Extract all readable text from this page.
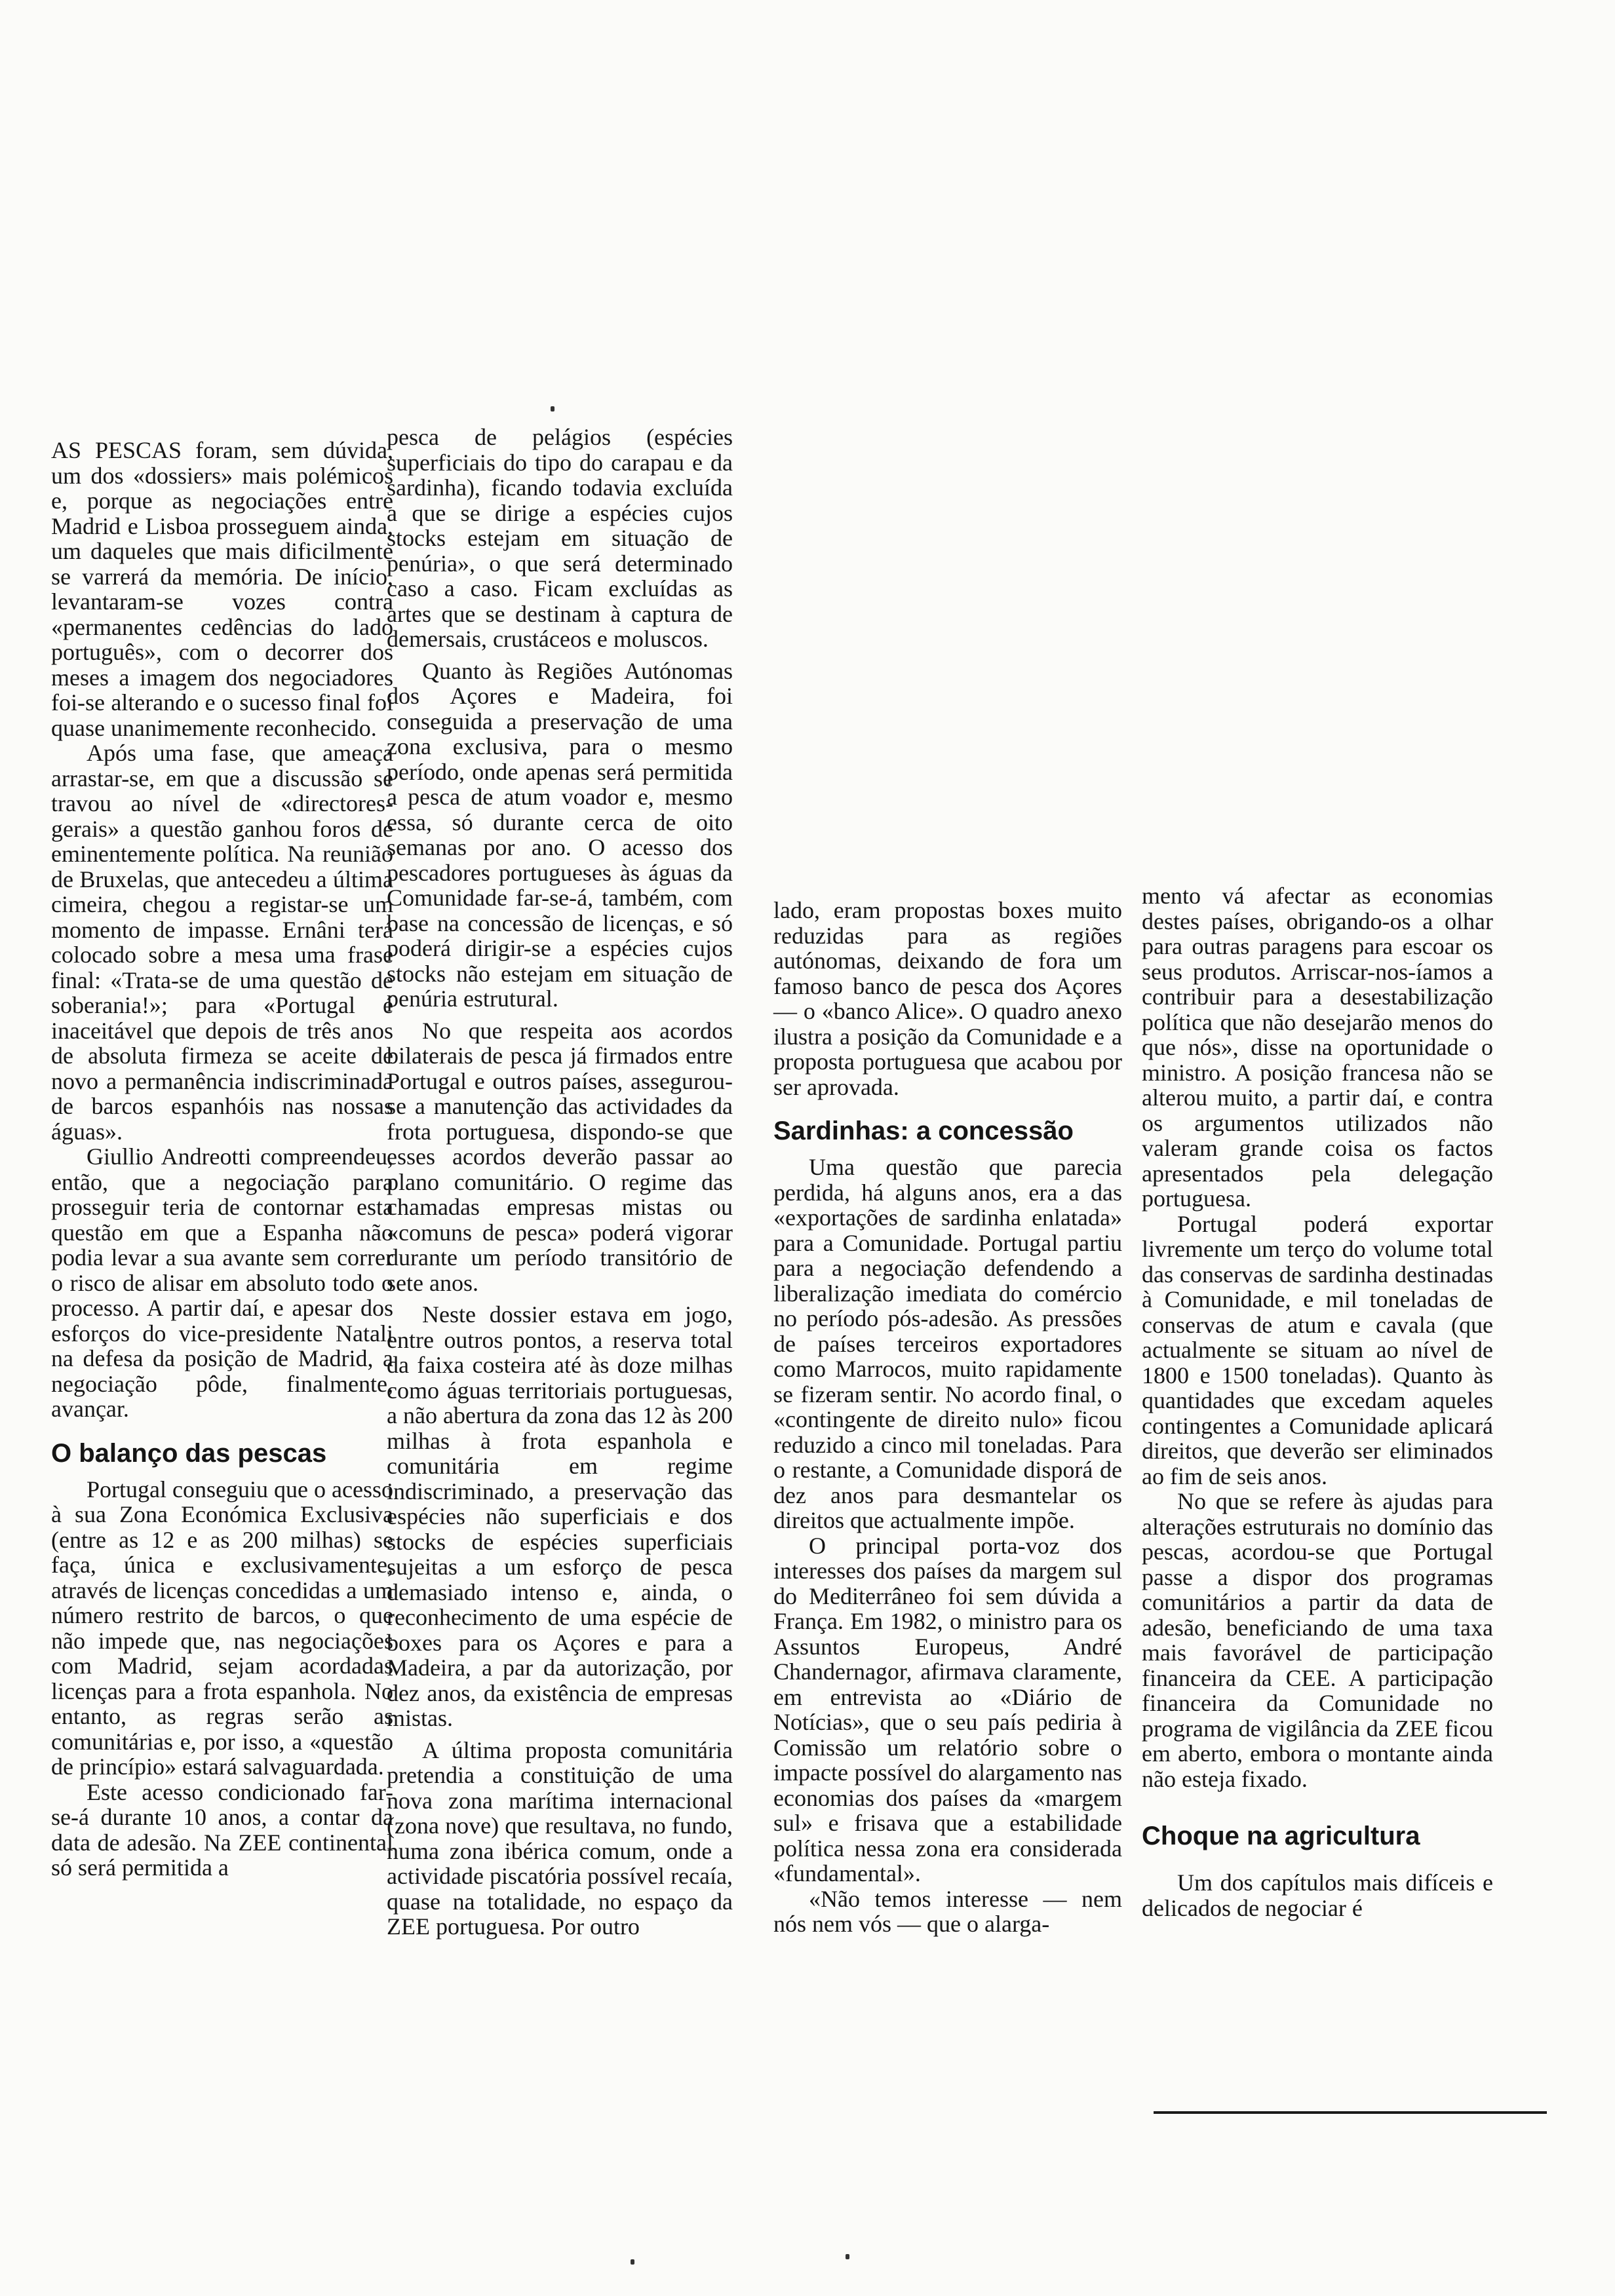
AS PESCAS foram, sem dúvida, um dos «dossiers» mais polémicos e, porque as negociações entre Madrid e Lisboa prosseguem ainda, um daqueles que mais dificilmente se varrerá da memória. De início, levantaram-se vozes contra «permanentes cedências do lado português», com o decorrer dos meses a imagem dos negociadores foi-se alterando e o sucesso final foi quase unanimemente reconhecido.

Após uma fase, que ameaça arrastar-se, em que a discussão se travou ao nível de «directores-gerais» a questão ganhou foros de eminentemente política. Na reunião de Bruxelas, que antecedeu a última cimeira, chegou a registar-se um momento de impasse. Ernâni terá colocado sobre a mesa uma frase final: «Trata-se de uma questão de soberania!»; para «Portugal é inaceitável que depois de três anos de absoluta firmeza se aceite de novo a permanência indiscriminada de barcos espanhóis nas nossas águas».

Giullio Andreotti compreendeu, então, que a negociação para prosseguir teria de contornar esta questão em que a Espanha não podia levar a sua avante sem correr o risco de alisar em absoluto todo o processo. A partir daí, e apesar dos esforços do vice-presidente Natali na defesa da posição de Madrid, a negociação pôde, finalmente, avançar.

O balanço das pescas

Portugal conseguiu que o acesso à sua Zona Económica Exclusiva (entre as 12 e as 200 milhas) se faça, única e exclusivamente, através de licenças concedidas a um número restrito de barcos, o que não impede que, nas negociações com Madrid, sejam acordadas licenças para a frota espanhola. No entanto, as regras serão as comunitárias e, por isso, a «questão de princípio» estará salvaguardada.

Este acesso condicionado far-se-á durante 10 anos, a contar da data de adesão. Na ZEE continental só será permitida a

pesca de pelágios (espécies superficiais do tipo do carapau e da sardinha), ficando todavia excluída a que se dirige a espécies cujos stocks estejam em situação de penúria», o que será determinado caso a caso. Ficam excluídas as artes que se destinam à captura de demersais, crustáceos e moluscos.

Quanto às Regiões Autónomas dos Açores e Madeira, foi conseguida a preservação de uma zona exclusiva, para o mesmo período, onde apenas será permitida a pesca de atum voador e, mesmo essa, só durante cerca de oito semanas por ano. O acesso dos pescadores portugueses às águas da Comunidade far-se-á, também, com base na concessão de licenças, e só poderá dirigir-se a espécies cujos stocks não estejam em situação de penúria estrutural.

No que respeita aos acordos bilaterais de pesca já firmados entre Portugal e outros países, assegurou-se a manutenção das actividades da frota portuguesa, dispondo-se que esses acordos deverão passar ao plano comunitário. O regime das chamadas empresas mistas ou «comuns de pesca» poderá vigorar durante um período transitório de sete anos.

Neste dossier estava em jogo, entre outros pontos, a reserva total da faixa costeira até às doze milhas como águas territoriais portuguesas, a não abertura da zona das 12 às 200 milhas à frota espanhola e comunitária em regime indiscriminado, a preservação das espécies não superficiais e dos stocks de espécies superficiais sujeitas a um esforço de pesca demasiado intenso e, ainda, o reconhecimento de uma espécie de boxes para os Açores e para a Madeira, a par da autorização, por dez anos, da existência de empresas mistas.

A última proposta comunitária pretendia a constituição de uma nova zona marítima internacional (zona nove) que resultava, no fundo, numa zona ibérica comum, onde a actividade piscatória possível recaía, quase na totalidade, no espaço da ZEE portuguesa. Por outro

lado, eram propostas boxes muito reduzidas para as regiões autónomas, deixando de fora um famoso banco de pesca dos Açores — o «banco Alice». O quadro anexo ilustra a posição da Comunidade e a proposta portuguesa que acabou por ser aprovada.

Sardinhas: a concessão

Uma questão que parecia perdida, há alguns anos, era a das «exportações de sardinha enlatada» para a Comunidade. Portugal partiu para a negociação defendendo a liberalização imediata do comércio no período pós-adesão. As pressões de países terceiros exportadores como Marrocos, muito rapidamente se fizeram sentir. No acordo final, o «contingente de direito nulo» ficou reduzido a cinco mil toneladas. Para o restante, a Comunidade disporá de dez anos para desmantelar os direitos que actualmente impõe.

O principal porta-voz dos interesses dos países da margem sul do Mediterrâneo foi sem dúvida a França. Em 1982, o ministro para os Assuntos Europeus, André Chandernagor, afirmava claramente, em entrevista ao «Diário de Notícias», que o seu país pediria à Comissão um relatório sobre o impacte possível do alargamento nas economias dos países da «margem sul» e frisava que a estabilidade política nessa zona era considerada «fundamental».

«Não temos interesse — nem nós nem vós — que o alarga-

mento vá afectar as economias destes países, obrigando-os a olhar para outras paragens para escoar os seus produtos. Arriscar-nos-íamos a contribuir para a desestabilização política que não desejarão menos do que nós», disse na oportunidade o ministro. A posição francesa não se alterou muito, a partir daí, e contra os argumentos utilizados não valeram grande coisa os factos apresentados pela delegação portuguesa.

Portugal poderá exportar livremente um terço do volume total das conservas de sardinha destinadas à Comunidade, e mil toneladas de conservas de atum e cavala (que actualmente se situam ao nível de 1800 e 1500 toneladas). Quanto às quantidades que excedam aqueles contingentes a Comunidade aplicará direitos, que deverão ser eliminados ao fim de seis anos.

No que se refere às ajudas para alterações estruturais no domínio das pescas, acordou-se que Portugal passe a dispor dos programas comunitários a partir da data de adesão, beneficiando de uma taxa mais favorável de participação financeira da CEE. A participação financeira da Comunidade no programa de vigilância da ZEE ficou em aberto, embora o montante ainda não esteja fixado.

Choque na agricultura

Um dos capítulos mais difíceis e delicados de negociar é
